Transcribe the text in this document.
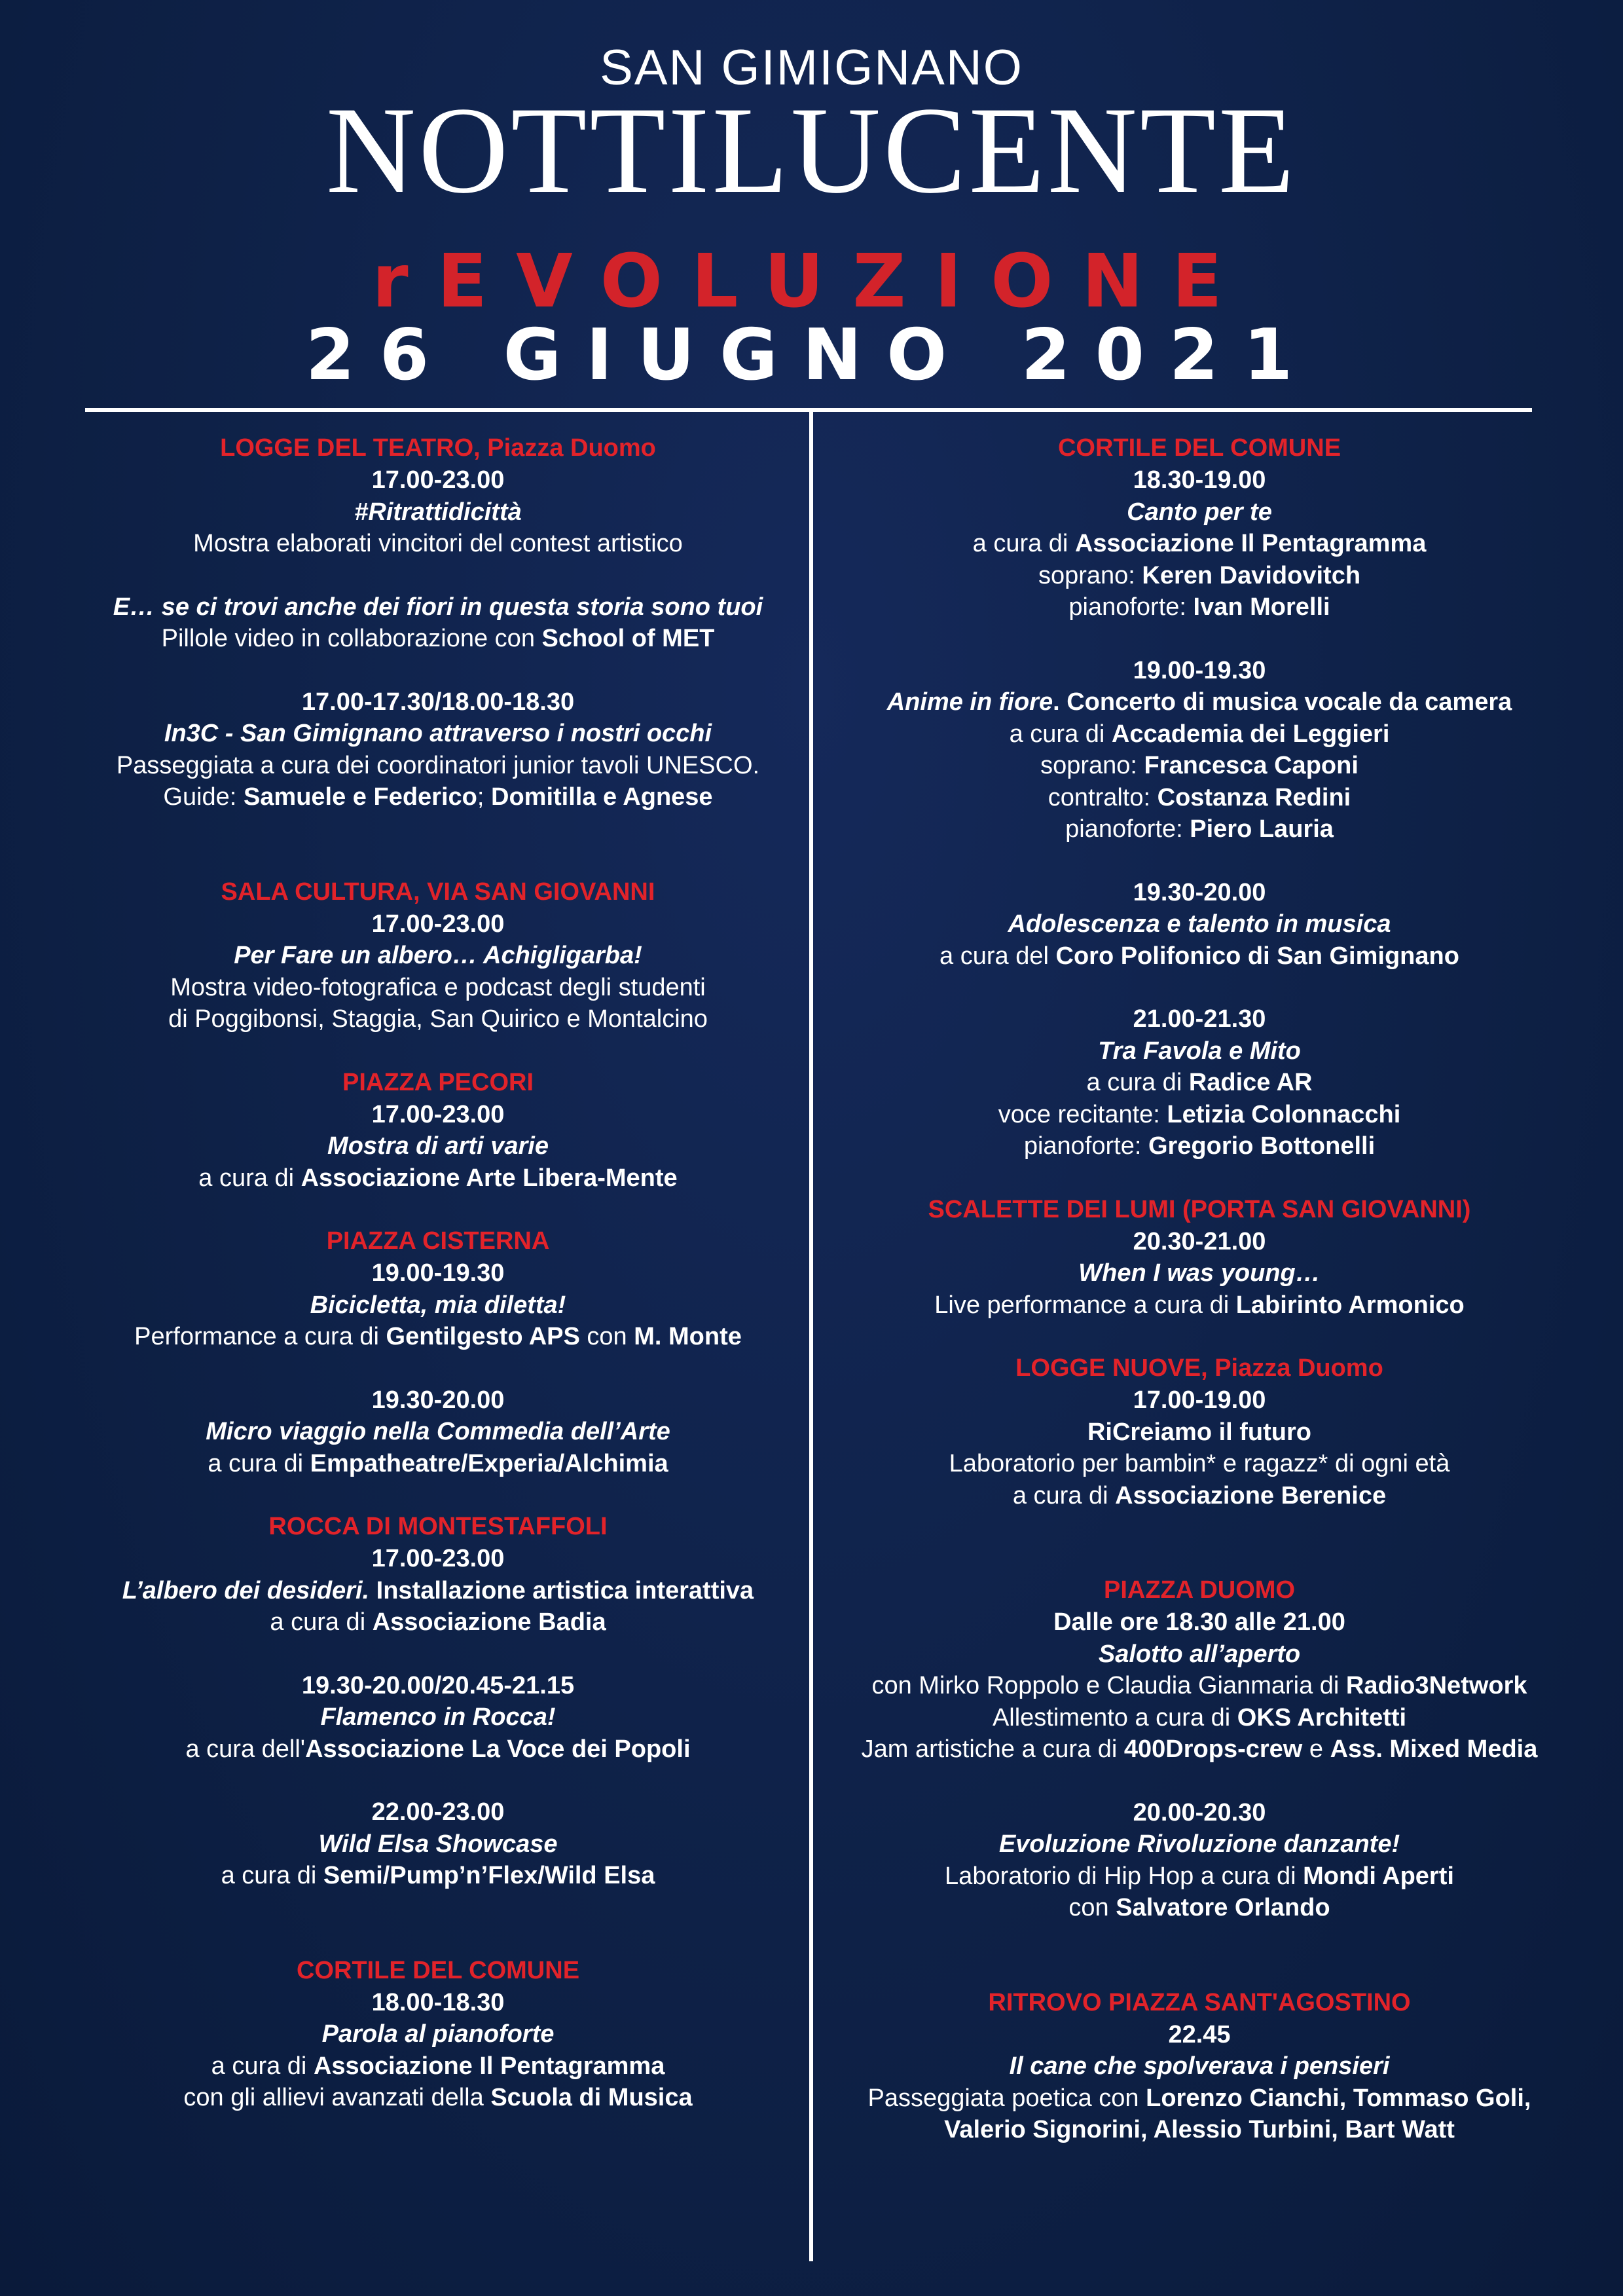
SAN GIMIGNANO
NOTTILUCENTE
rEVOLUZIONE
26 GIUGNO 2021
LOGGE DEL TEATRO, Piazza Duomo
17.00-23.00
#Ritrattidicittà
Mostra elaborati vincitori del contest artistico
E… se ci trovi anche dei fiori in questa storia sono tuoi
Pillole video in collaborazione con School of MET
17.00-17.30/18.00-18.30
In3C - San Gimignano attraverso i nostri occhi
Passeggiata a cura dei coordinatori junior tavoli UNESCO.
Guide: Samuele e Federico; Domitilla e Agnese
SALA CULTURA, VIA SAN GIOVANNI
17.00-23.00
Per Fare un albero… Achigligarba!
Mostra video-fotografica e podcast degli studenti
di Poggibonsi, Staggia, San Quirico e Montalcino
PIAZZA PECORI
17.00-23.00
Mostra di arti varie
a cura di Associazione Arte Libera-Mente
PIAZZA CISTERNA
19.00-19.30
Bicicletta, mia diletta!
Performance a cura di Gentilgesto APS con M. Monte
19.30-20.00
Micro viaggio nella Commedia dell’Arte
a cura di Empatheatre/Experia/Alchimia
ROCCA DI MONTESTAFFOLI
17.00-23.00
L’albero dei desideri. Installazione artistica interattiva
a cura di Associazione Badia
19.30-20.00/20.45-21.15
Flamenco in Rocca!
a cura dell'Associazione La Voce dei Popoli
22.00-23.00
Wild Elsa Showcase
a cura di Semi/Pump’n’Flex/Wild Elsa
CORTILE DEL COMUNE
18.00-18.30
Parola al pianoforte
a cura di Associazione Il Pentagramma
con gli allievi avanzati della Scuola di Musica
CORTILE DEL COMUNE
18.30-19.00
Canto per te
a cura di Associazione Il Pentagramma
soprano: Keren Davidovitch
pianoforte: Ivan Morelli
19.00-19.30
Anime in fiore. Concerto di musica vocale da camera
a cura di Accademia dei Leggieri
soprano: Francesca Caponi
contralto: Costanza Redini
pianoforte: Piero Lauria
19.30-20.00
Adolescenza e talento in musica
a cura del Coro Polifonico di San Gimignano
21.00-21.30
Tra Favola e Mito
a cura di Radice AR
voce recitante: Letizia Colonnacchi
pianoforte: Gregorio Bottonelli
SCALETTE DEI LUMI (PORTA SAN GIOVANNI)
20.30-21.00
When I was young…
Live performance a cura di Labirinto Armonico
LOGGE NUOVE, Piazza Duomo
17.00-19.00
RiCreiamo il futuro
Laboratorio per bambin* e ragazz* di ogni età
a cura di Associazione Berenice
PIAZZA DUOMO
Dalle ore 18.30 alle 21.00
Salotto all’aperto
con Mirko Roppolo e Claudia Gianmaria di Radio3Network
Allestimento a cura di OKS Architetti
Jam artistiche a cura di 400Drops-crew e Ass. Mixed Media
20.00-20.30
Evoluzione Rivoluzione danzante!
Laboratorio di Hip Hop a cura di Mondi Aperti
con Salvatore Orlando
RITROVO PIAZZA SANT'AGOSTINO
22.45
Il cane che spolverava i pensieri
Passeggiata poetica con Lorenzo Cianchi, Tommaso Goli,
Valerio Signorini, Alessio Turbini, Bart Watt
